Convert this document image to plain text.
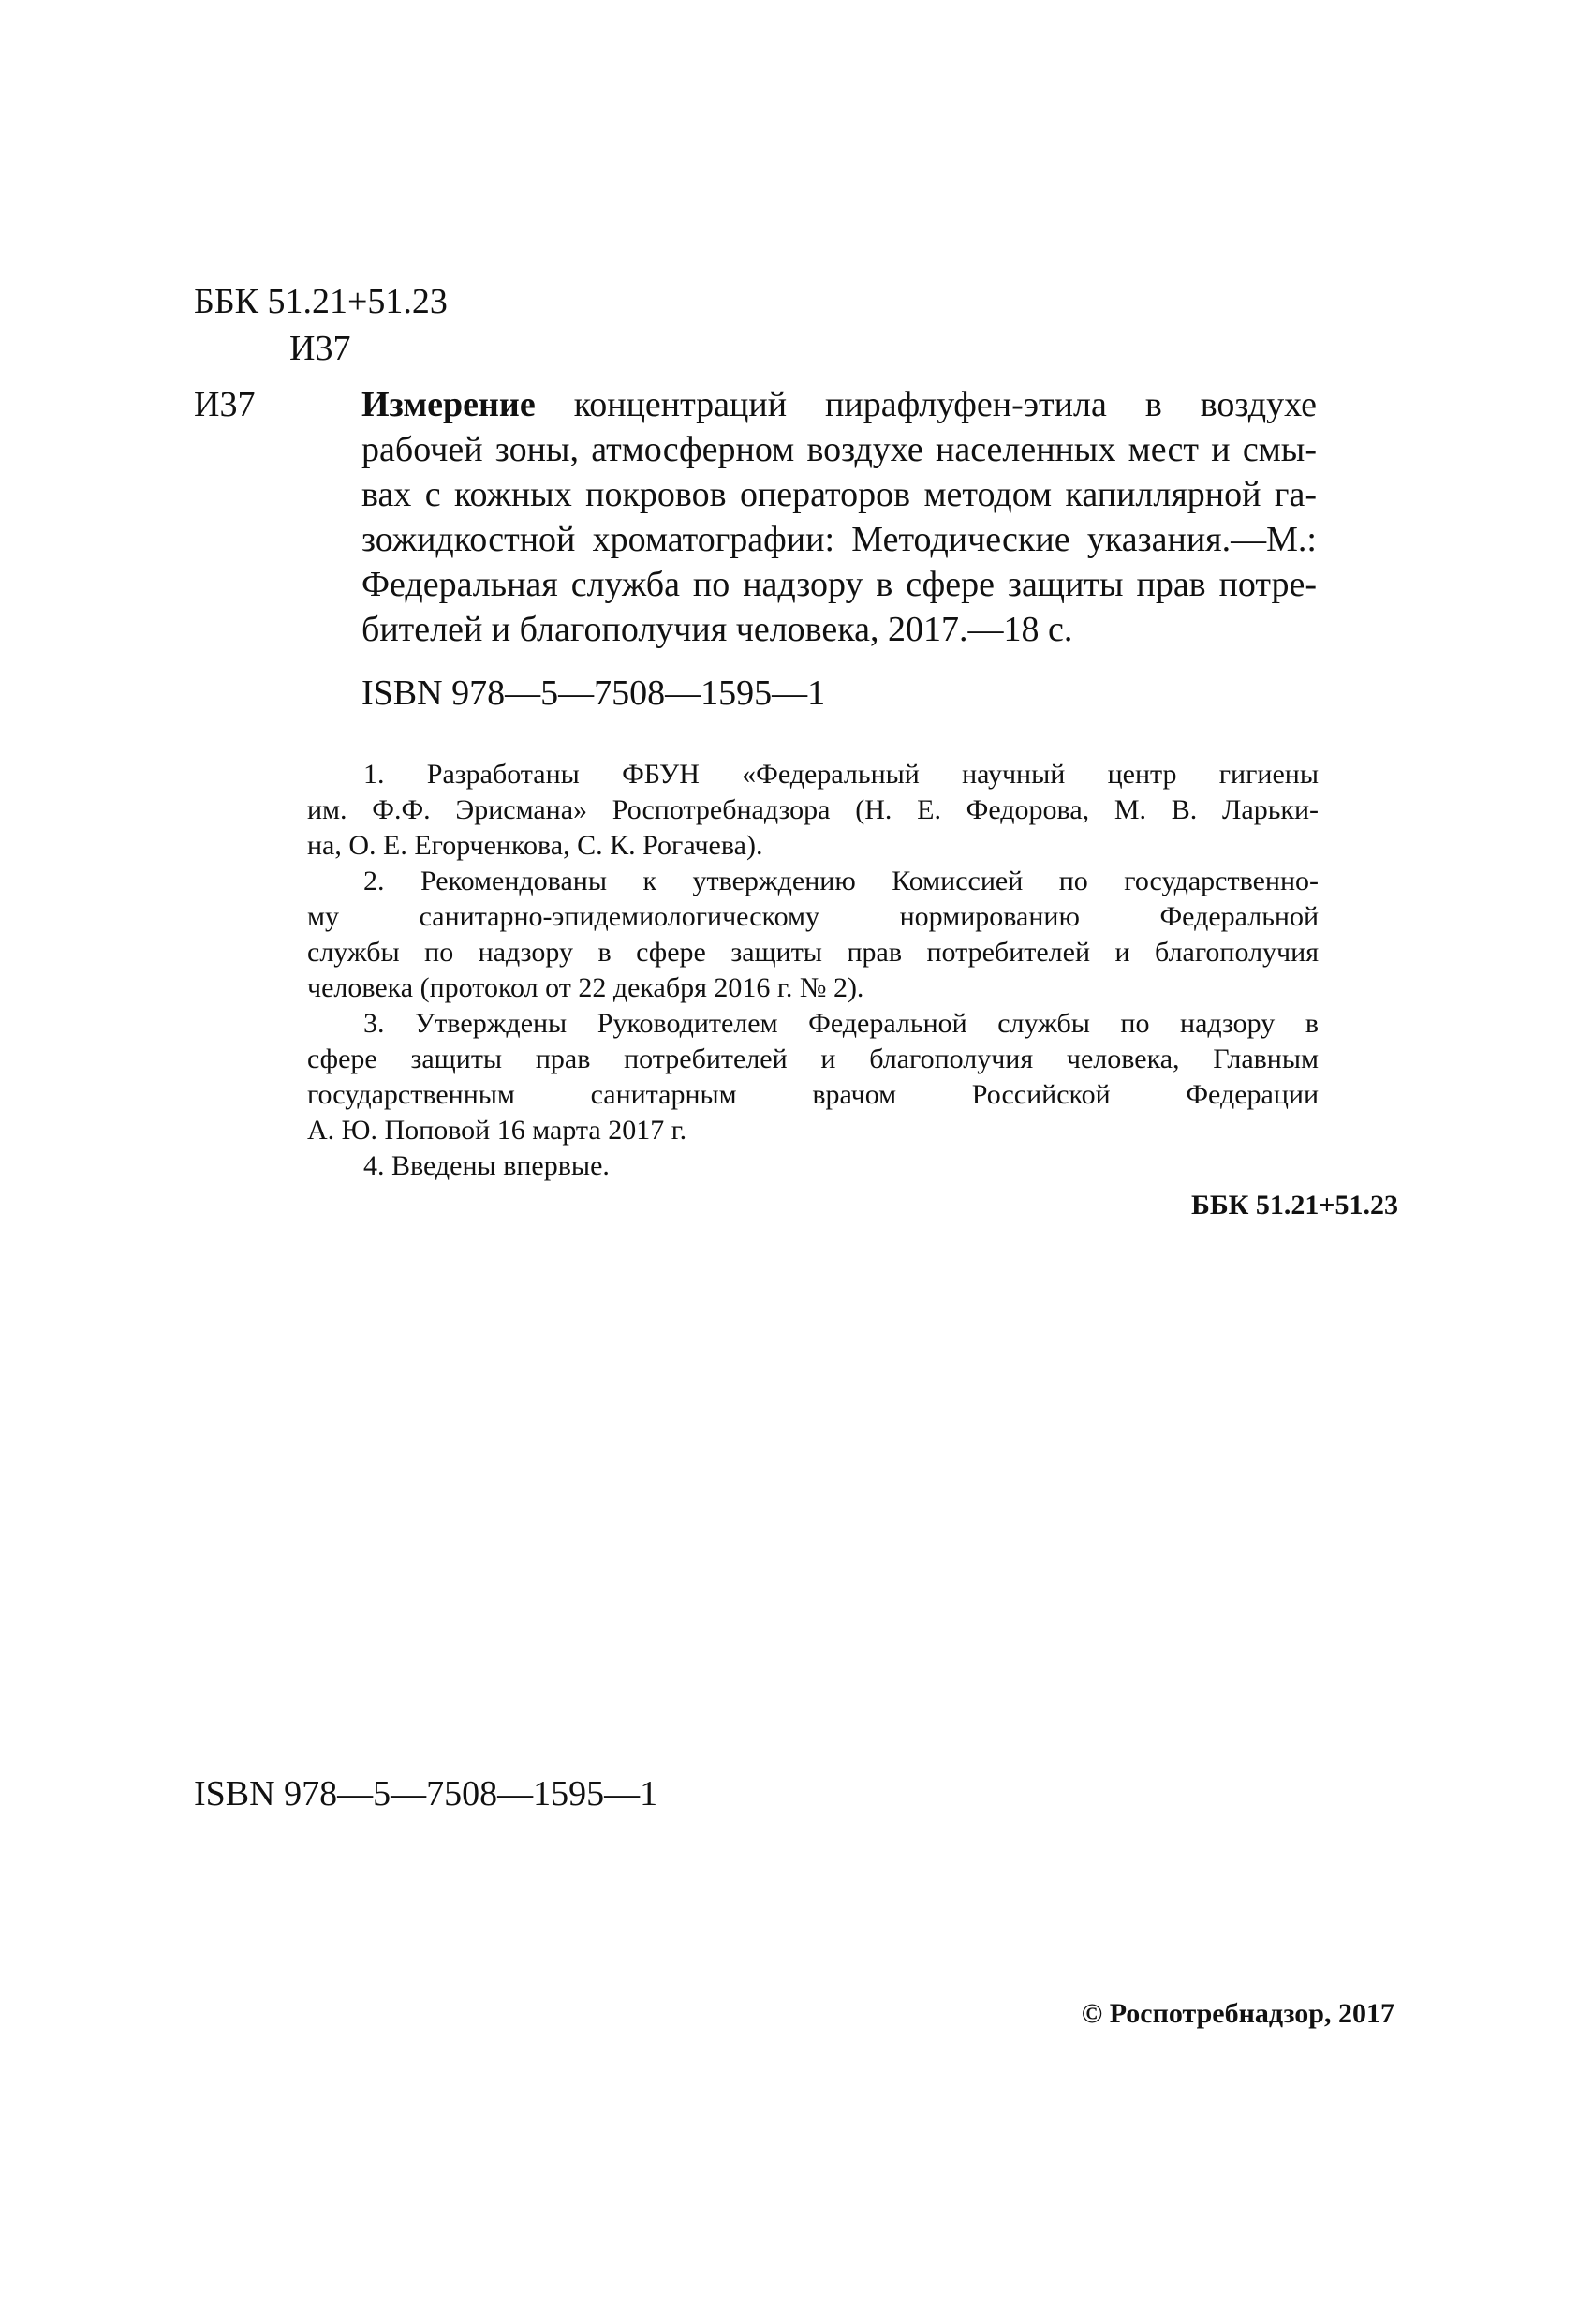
ББК 51.21+51.23
И37
И37	Измерение концентраций пирафлуфен-этила в воздухе
рабочей зоны, атмосферном воздухе населенных мест и смы-
вах с кожных покровов операторов методом капиллярной га-
зожидкостной хроматографии: Методические указания.—М.:
Федеральная служба по надзору в сфере защиты прав потре-
бителей и благополучия человека, 2017.—18 с.
ISBN 978—5—7508—1595—1
1. Разработаны ФБУН «Федеральный научный центр гигиены
им. Ф.Ф. Эрисмана» Роспотребнадзора (Н. Е. Федорова, М. В. Ларьки-
на, О. Е. Егорченкова, С. К. Рогачева).
2. Рекомендованы к утверждению Комиссией по государственно-
му санитарно-эпидемиологическому нормированию Федеральной
службы по надзору в сфере защиты прав потребителей и благополучия
человека (протокол от 22 декабря 2016 г. № 2).
3. Утверждены Руководителем Федеральной службы по надзору в
сфере защиты прав потребителей и благополучия человека, Главным
государственным санитарным врачом Российской Федерации
А. Ю. Поповой 16 марта 2017 г.
4. Введены впервые.
ББК 51.21+51.23
ISBN 978—5—7508—1595—1
© Роспотребнадзор, 2017
